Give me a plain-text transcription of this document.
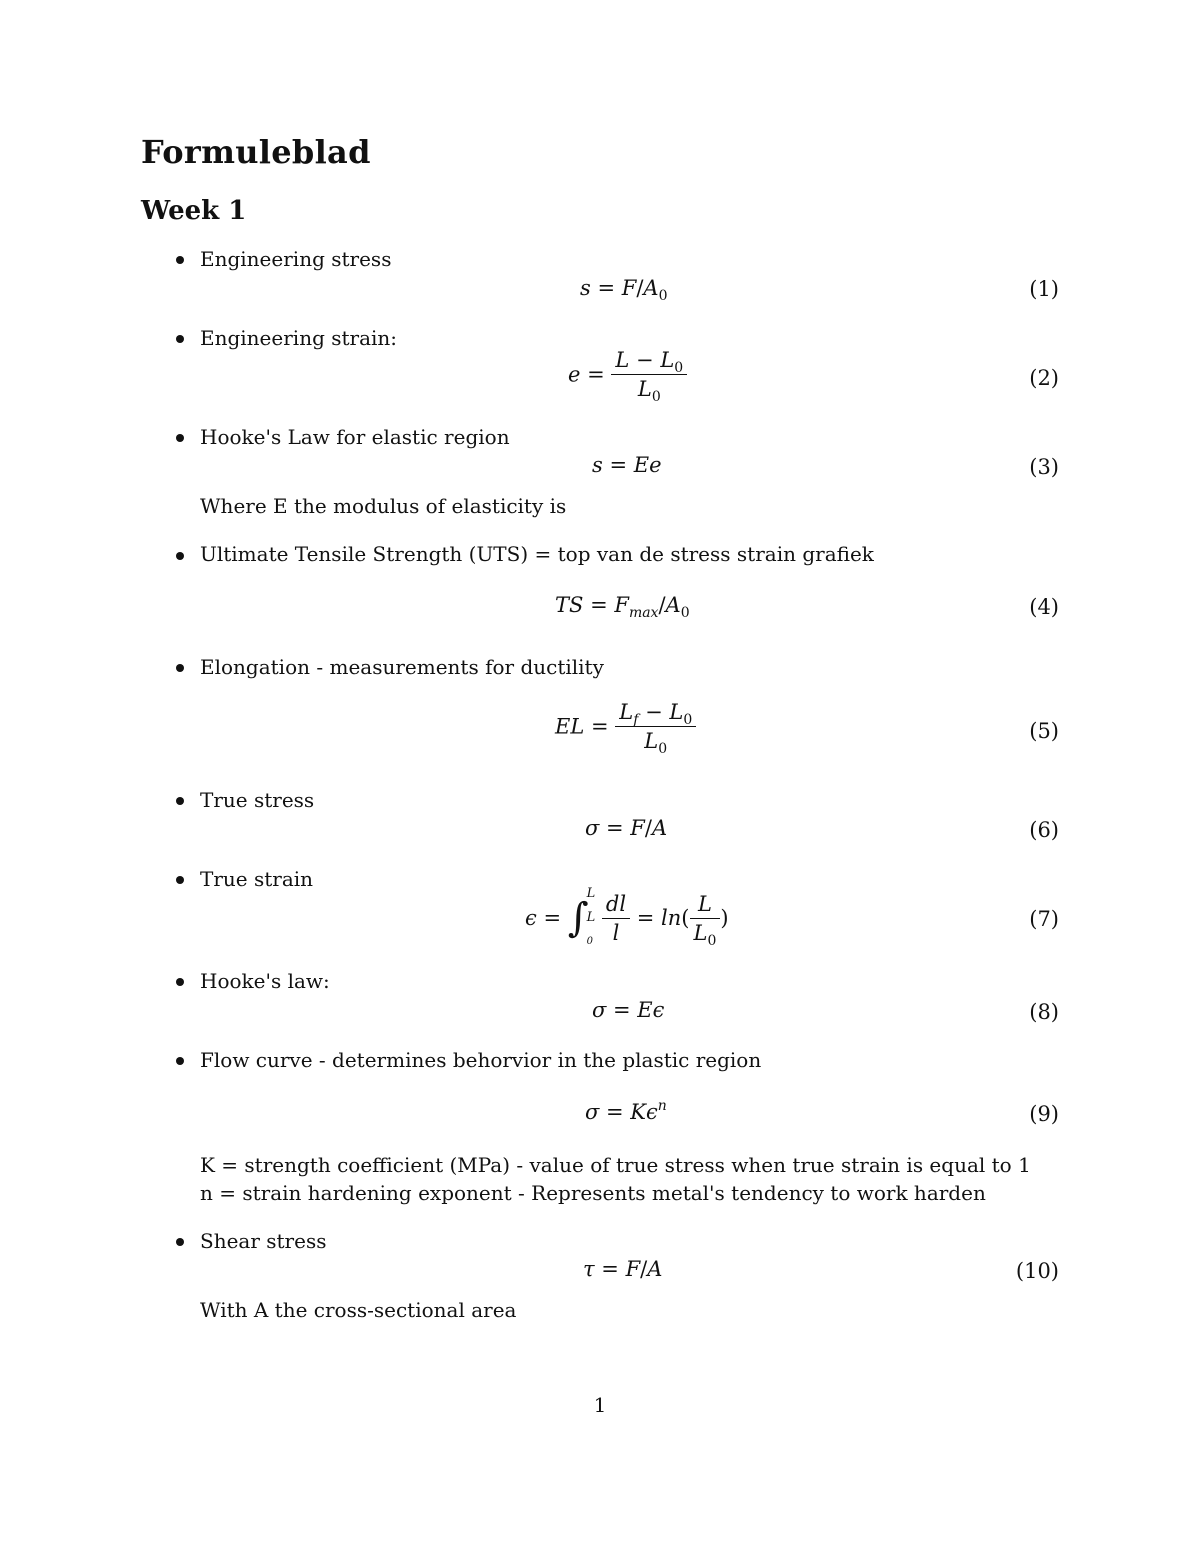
Formuleblad
Week 1
Engineering stress
$s = F/A_0$	(1)
Engineering strain:
$e = \frac{L - L_0}{L_0}$	(2)
Hooke's Law for elastic region
s = Ee	(3)
Where E the modulus of elasticity is
Ultimate Tensile Strength (UTS) = top van de stress strain grafiek
TS = $F_{max}/A_0$	(4)
Elongation - measurements for ductility
EL = $\frac{L_f - L_0}{L_0}$	(5)
True stress
σ = F/A	(6)
True strain
ϵ = ∫
L
L
0
$\frac{dl}{l} = \ln( \frac{L}{L_0}$ )	(7)
Hooke's law:
σ = Eϵ	(8)
Flow curve - determines behorvior in the plastic region
$\sigma = K\epsilon^n$	(9)
K = strength coefficient (MPa) - value of true stress when true strain is equal to 1
n = strain hardening exponent - Represents metal's tendency to work harden
Shear stress
τ = F/A	(10)
With A the cross-sectional area
1
